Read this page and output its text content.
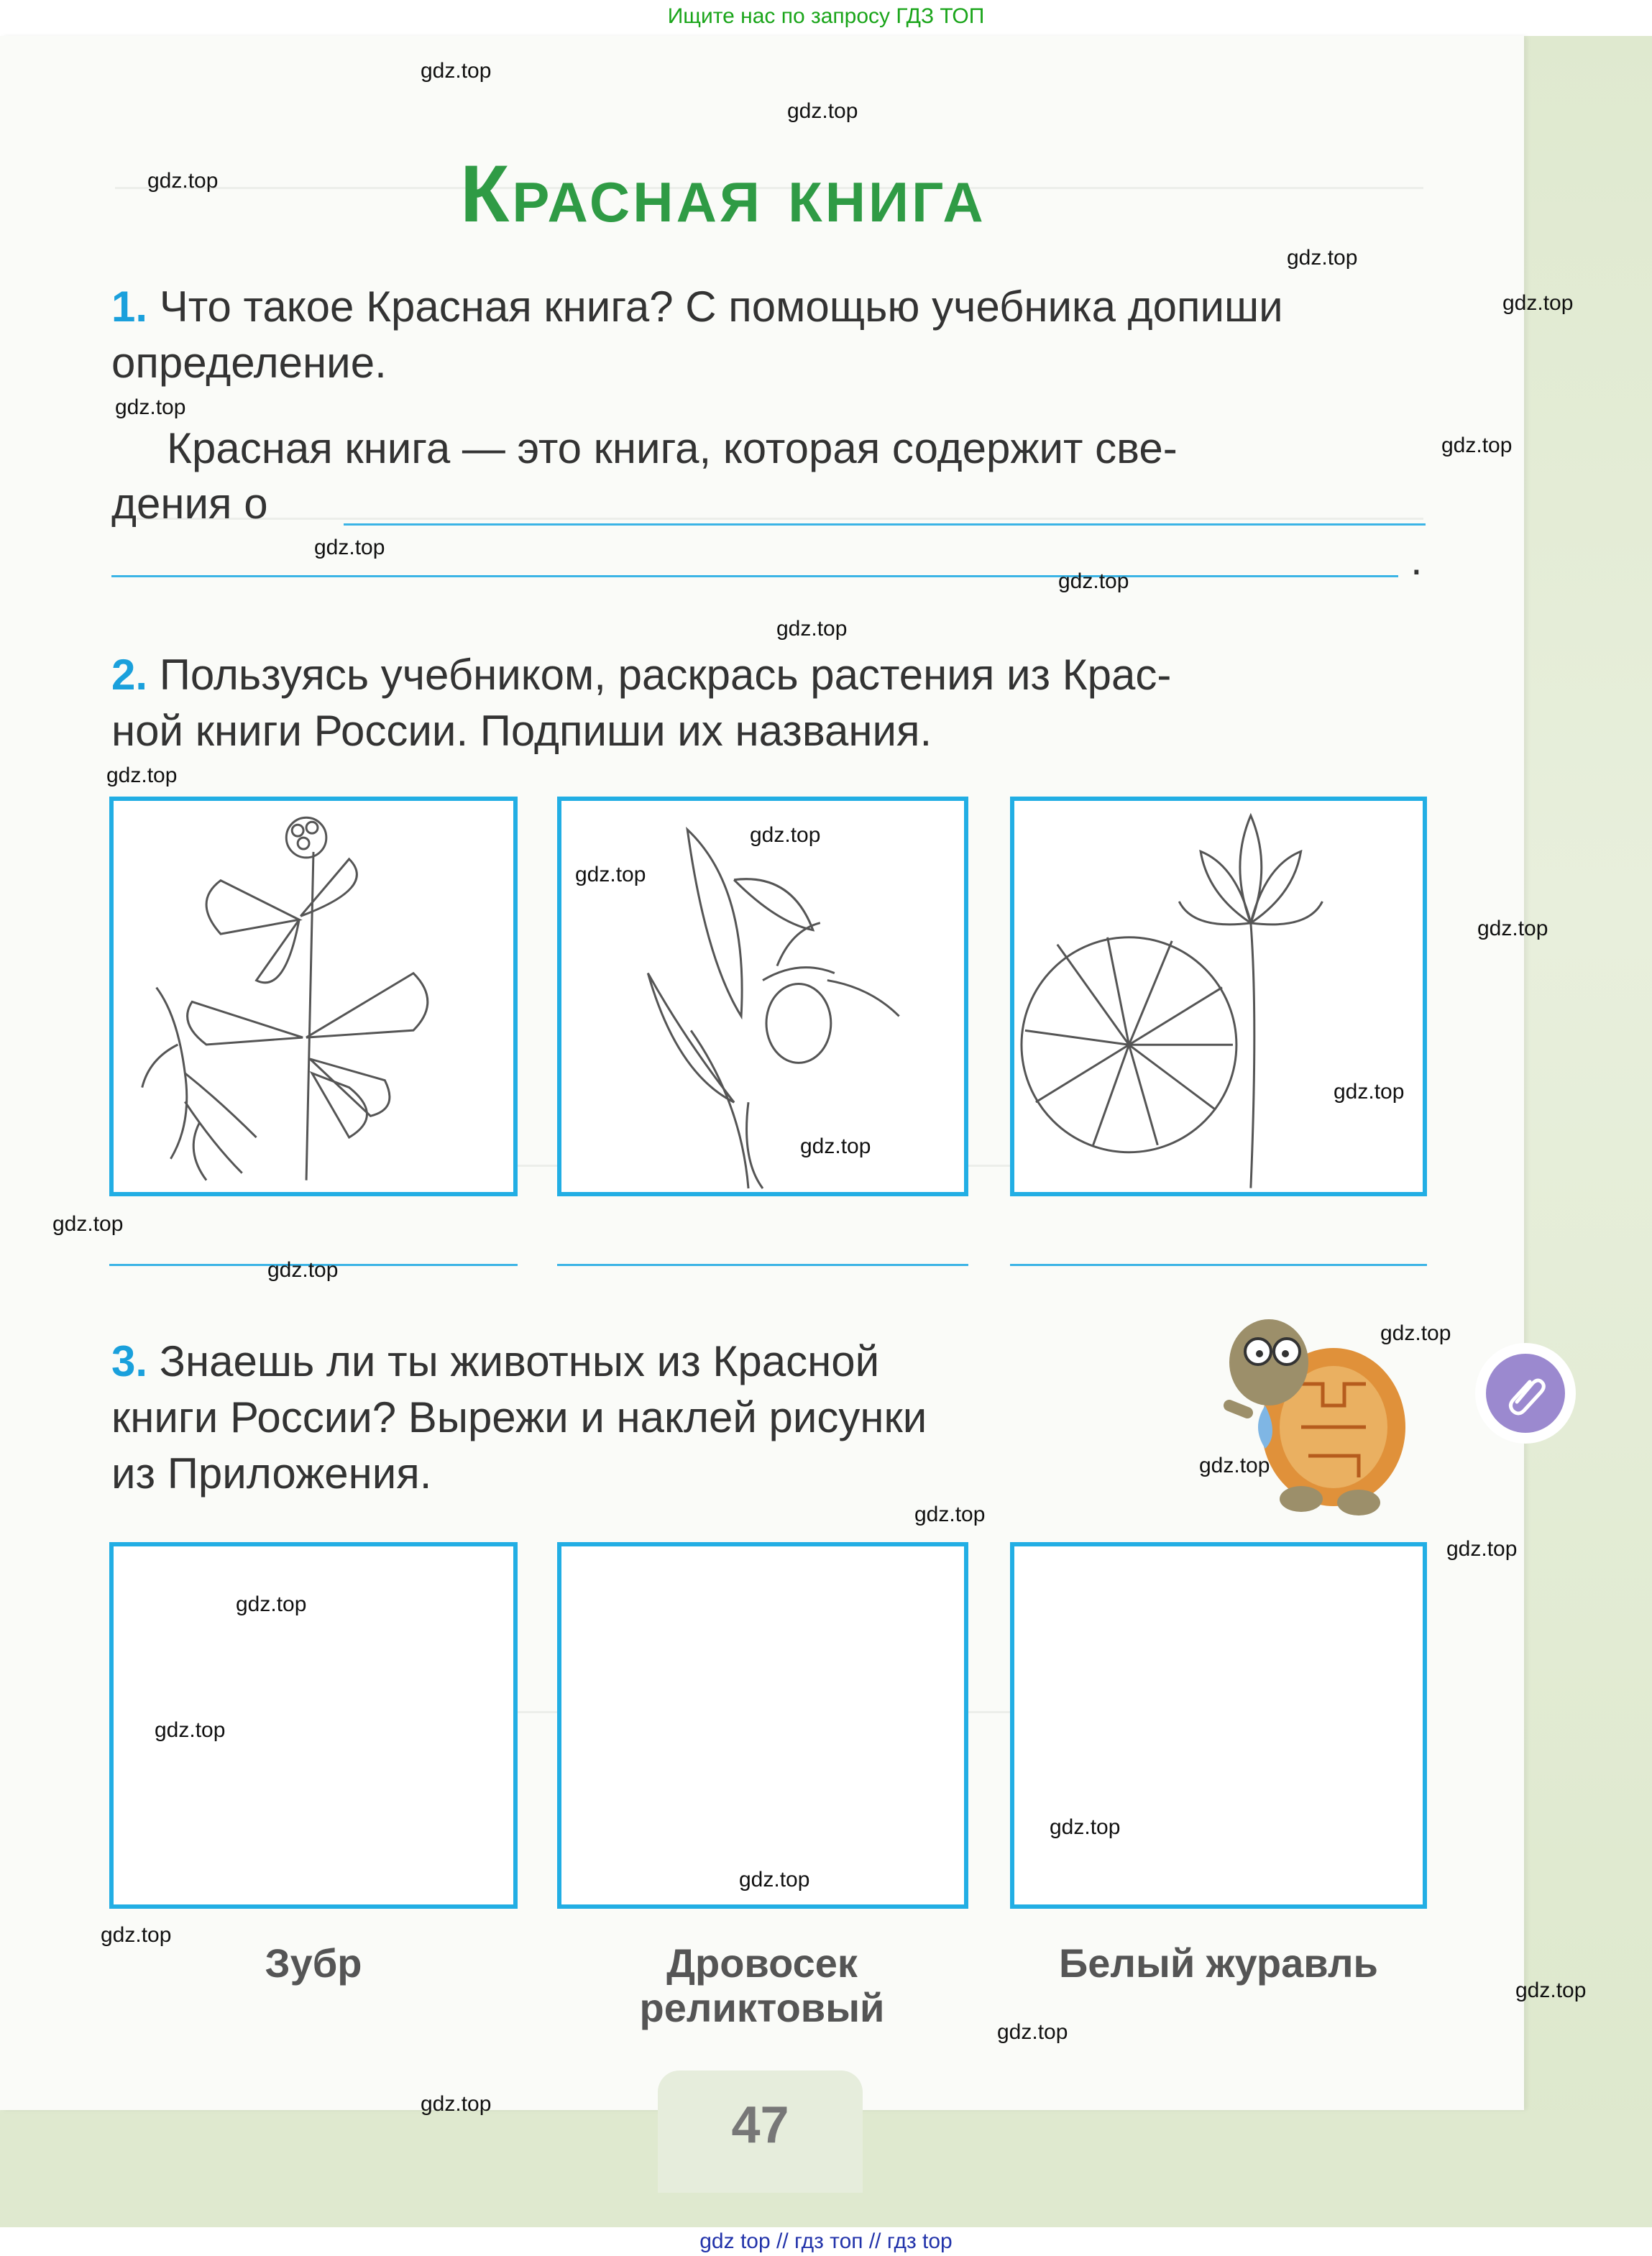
Ищите нас по запросу ГДЗ ТОП
Красная книга
1. Что такое Красная книга? С помощью учебника допиши определение.
Красная книга — это книга, которая содержит све-
дения о
.
2. Пользуясь учебником, раскрась растения из Крас-
ной книги России. Подпиши их названия.
3. Знаешь ли ты животных из Красной
книги России? Вырежи и наклей рисунки
из Приложения.
Зубр	Дровосек реликтовый
Белый журавль
47
gdz.top
gdz.top
gdz.top
gdz.top
gdz.top
gdz.top
gdz.top
gdz.top
gdz.top
gdz.top
gdz.top
gdz.top
gdz.top
gdz.top
gdz.top
gdz.top
gdz.top
gdz.top
gdz.top
gdz.top
gdz.top
gdz.top
gdz.top
gdz.top
gdz.top
gdz.top
gdz.top
gdz.top
gdz.top
gdz.top
gdz top // гдз топ // гдз top
